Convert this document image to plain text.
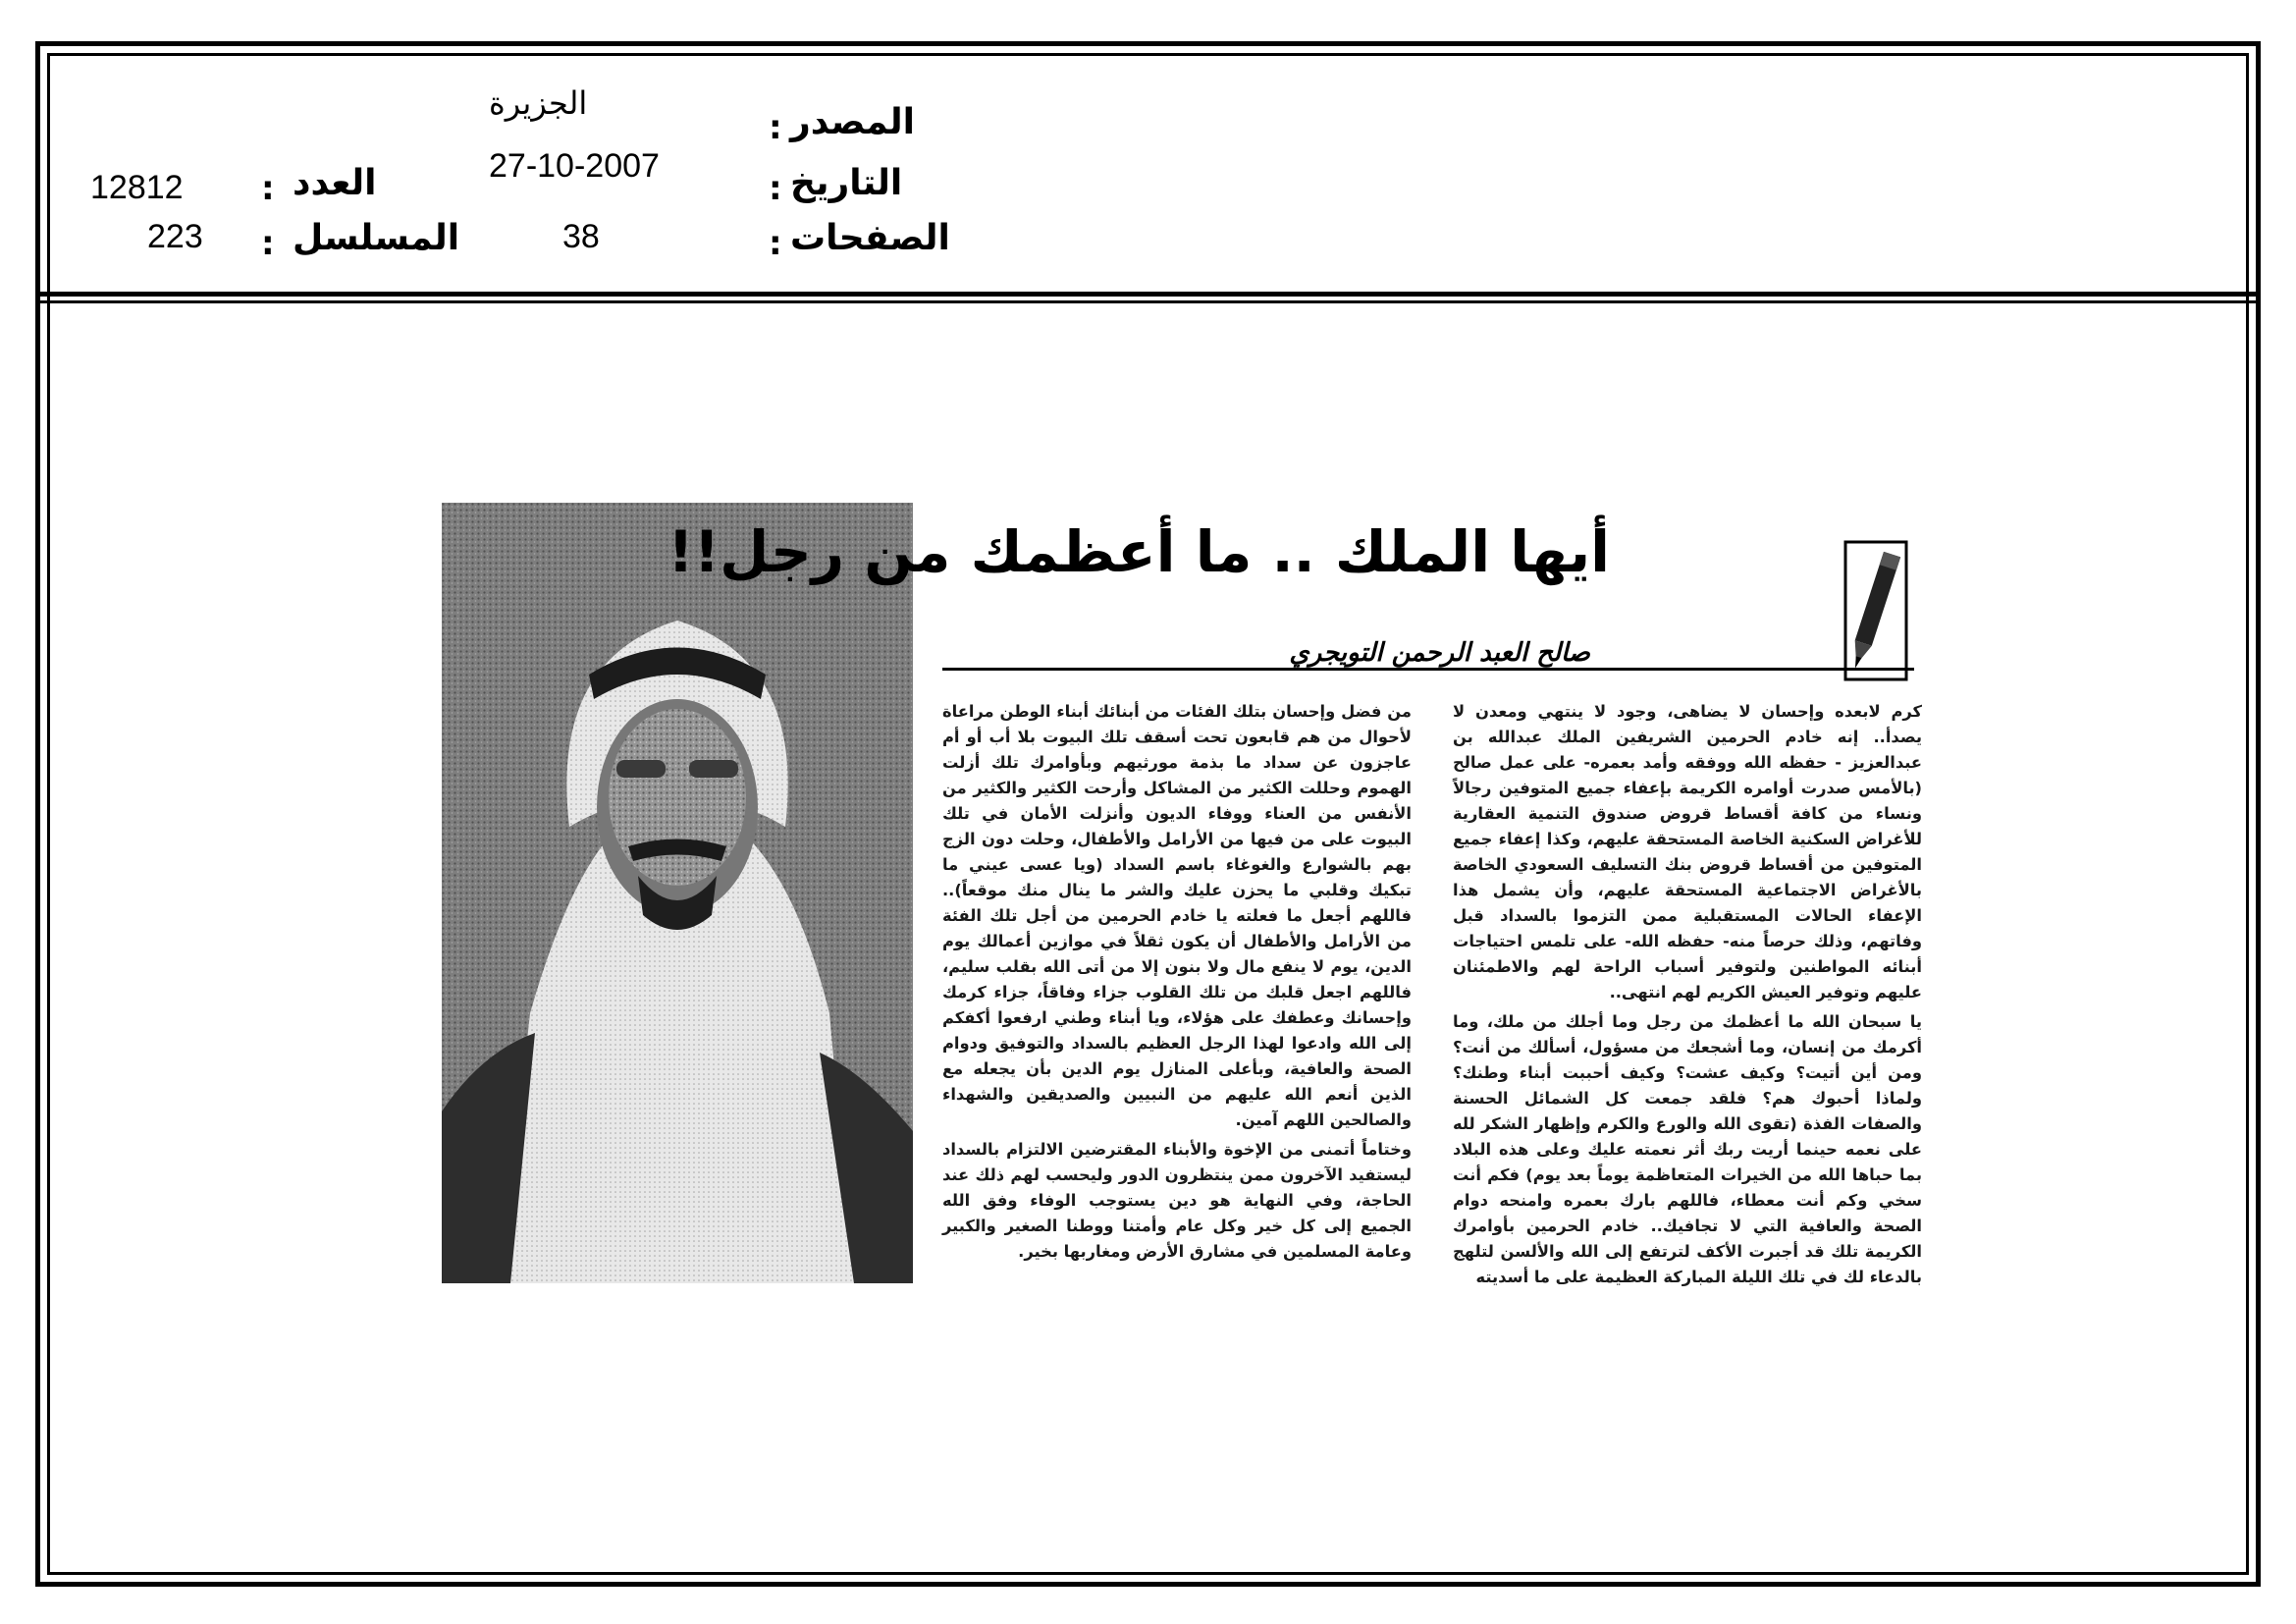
الجزيرة
27-10-2007
38
:
:
:
المصدر
التاريخ
الصفحات
12812
223
:
:
العدد
المسلسل
أيها الملك .. ما أعظمك من رجل!!
صالح العبد الرحمن التويجري

كرم لابعده وإحسان لا يضاهى، وجود لا ينتهي ومعدن لا يصدأ.. إنه خادم الحرمين الشريفين الملك عبدالله بن عبدالعزيز - حفظه الله ووفقه وأمد بعمره- على عمل صالح (بالأمس صدرت أوامره الكريمة بإعفاء جميع المتوفين رجالاً ونساء من كافة أقساط قروض صندوق التنمية العقارية للأغراض السكنية الخاصة المستحقة عليهم، وكذا إعفاء جميع المتوفين من أقساط قروض بنك التسليف السعودي الخاصة بالأغراض الاجتماعية المستحقة عليهم، وأن يشمل هذا الإعفاء الحالات المستقبلية ممن التزموا بالسداد قبل وفاتهم، وذلك حرصاً منه- حفظه الله- على تلمس احتياجات أبنائه المواطنين ولتوفير أسباب الراحة لهم والاطمئنان عليهم وتوفير العيش الكريم لهم انتهى..

يا سبحان الله ما أعظمك من رجل وما أجلك من ملك، وما أكرمك من إنسان، وما أشجعك من مسؤول، أسألك من أنت؟ ومن أين أتيت؟ وكيف عشت؟ وكيف أحببت أبناء وطنك؟ ولماذا أحبوك هم؟ فلقد جمعت كل الشمائل الحسنة والصفات الفذة (تقوى الله والورع والكرم وإظهار الشكر لله على نعمه حينما أريت ربك أثر نعمته عليك وعلى هذه البلاد بما حباها الله من الخيرات المتعاظمة يوماً بعد يوم) فكم أنت سخي وكم أنت معطاء، فاللهم بارك بعمره وامنحه دوام الصحة والعافية التي لا تجافيك.. خادم الحرمين بأوامرك الكريمة تلك قد أجبرت الأكف لترتفع إلى الله والألسن لتلهج بالدعاء لك في تلك الليلة المباركة العظيمة على ما أسديته

من فضل وإحسان بتلك الفئات من أبنائك أبناء الوطن مراعاة لأحوال من هم قابعون تحت أسقف تلك البيوت بلا أب أو أم عاجزون عن سداد ما بذمة مورثيهم وبأوامرك تلك أزلت الهموم وحللت الكثير من المشاكل وأرحت الكثير والكثير من الأنفس من العناء ووفاء الديون وأنزلت الأمان في تلك البيوت على من فيها من الأرامل والأطفال، وحلت دون الزج بهم بالشوارع والغوغاء باسم السداد (ويا عسى عيني ما تبكيك وقلبي ما يحزن عليك والشر ما ينال منك موقعاً).. فاللهم أجعل ما فعلته يا خادم الحرمين من أجل تلك الفئة من الأرامل والأطفال أن يكون ثقلاً في موازين أعمالك يوم الدين، يوم لا ينفع مال ولا بنون إلا من أتى الله بقلب سليم، فاللهم اجعل قلبك من تلك القلوب جزاء وفاقاً، جزاء كرمك وإحسانك وعطفك على هؤلاء، ويا أبناء وطني ارفعوا أكفكم إلى الله وادعوا لهذا الرجل العظيم بالسداد والتوفيق ودوام الصحة والعافية، وبأعلى المنازل يوم الدين بأن يجعله مع الذين أنعم الله عليهم من النبيين والصديقين والشهداء والصالحين اللهم آمين.

وختاماً أتمنى من الإخوة والأبناء المقترضين الالتزام بالسداد ليستفيد الآخرون ممن ينتظرون الدور وليحسب لهم ذلك عند الحاجة، وفي النهاية هو دين يستوجب الوفاء وفق الله الجميع إلى كل خير وكل عام وأمتنا ووطنا الصغير والكبير وعامة المسلمين في مشارق الأرض ومغاربها بخير.
